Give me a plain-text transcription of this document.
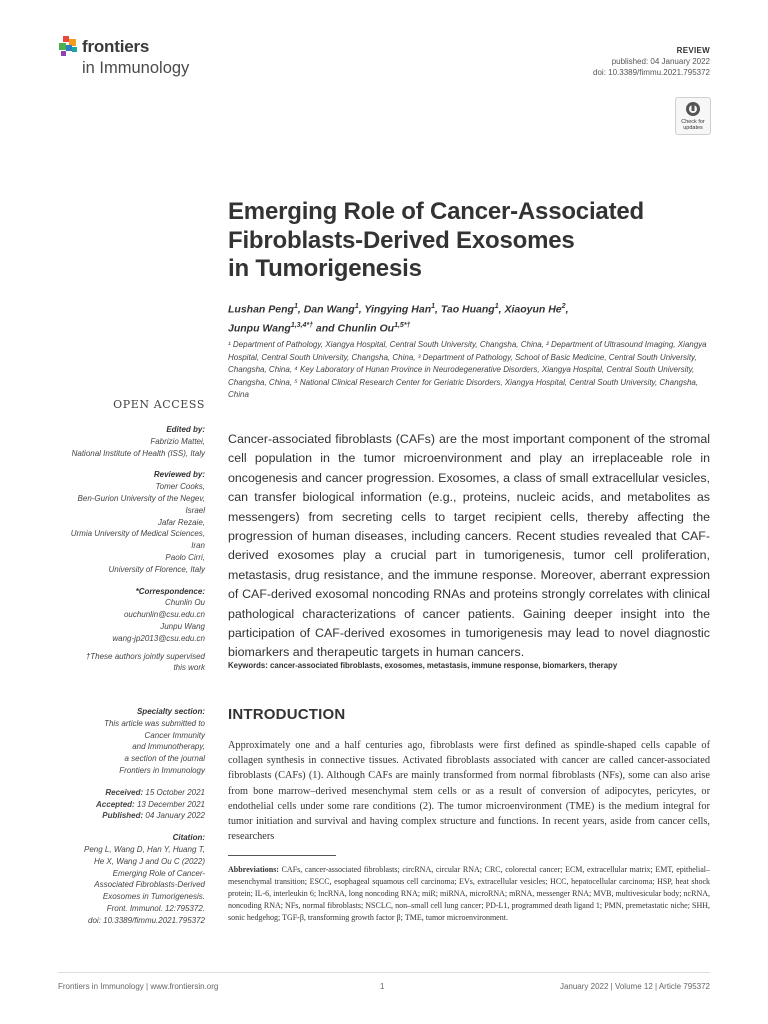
frontiers
in Immunology
REVIEW
published: 04 January 2022
doi: 10.3389/fimmu.2021.795372
Check for updates
Emerging Role of Cancer-Associated
Fibroblasts-Derived Exosomes
in Tumorigenesis
Lushan Peng$^1$, Dan Wang$^1$, Yingying Han$^1$, Tao Huang$^1$, Xiaoyun He$^2$,
Junpu Wang$^{1,3,4*\dagger}$ and Chunlin $Ou^{1,5*\dagger}$
¹ Department of Pathology, Xiangya Hospital, Central South University, Changsha, China, ² Department of Ultrasound Imaging, Xiangya Hospital, Central South University, Changsha, China, ³ Department of Pathology, School of Basic Medicine, Central South University, Changsha, China, ⁴ Key Laboratory of Hunan Province in Neurodegenerative Disorders, Xiangya Hospital, Central South University, Changsha, China, ⁵ National Clinical Research Center for Geriatric Disorders, Xiangya Hospital, Central South University, Changsha, China
OPEN ACCESS
Edited by:
Fabrizio Mattei,
National Institute of Health (ISS), Italy
Reviewed by:
Tomer Cooks,
Ben-Gurion University of the Negev,
Israel
Jafar Rezaie,
Urmia University of Medical Sciences,
Iran
Paolo Cirri,
University of Florence, Italy
*Correspondence:
Chunlin Ou
ouchunlin@csu.edu.cn
Junpu Wang
wang-jp2013@csu.edu.cn
†These authors jointly supervised
this work
Specialty section:
This article was submitted to
Cancer Immunity
and Immunotherapy,
a section of the journal
Frontiers in Immunology
Received: 15 October 2021
Accepted: 13 December 2021
Published: 04 January 2022
Citation:
Peng L, Wang D, Han Y, Huang T,
He X, Wang J and Ou C (2022)
Emerging Role of Cancer-
Associated Fibroblasts-Derived
Exosomes in Tumorigenesis.
Front. Immunol. 12:795372.
doi: 10.3389/fimmu.2021.795372
Cancer-associated fibroblasts (CAFs) are the most important component of the stromal cell population in the tumor microenvironment and play an irreplaceable role in oncogenesis and cancer progression. Exosomes, a class of small extracellular vesicles, can transfer biological information (e.g., proteins, nucleic acids, and metabolites as messengers) from secreting cells to target recipient cells, thereby affecting the progression of human diseases, including cancers. Recent studies revealed that CAF-derived exosomes play a crucial part in tumorigenesis, tumor cell proliferation, metastasis, drug resistance, and the immune response. Moreover, aberrant expression of CAF-derived exosomal noncoding RNAs and proteins strongly correlates with clinical pathological characterizations of cancer patients. Gaining deeper insight into the participation of CAF-derived exosomes in tumorigenesis may lead to novel diagnostic biomarkers and therapeutic targets in human cancers.
Keywords: cancer-associated fibroblasts, exosomes, metastasis, immune response, biomarkers, therapy
INTRODUCTION
Approximately one and a half centuries ago, fibroblasts were first defined as spindle-shaped cells capable of collagen synthesis in connective tissues. Activated fibroblasts associated with cancer are called cancer-associated fibroblasts (CAFs) (1). Although CAFs are mainly transformed from normal fibroblasts (NFs), some can also arise from bone marrow–derived mesenchymal stem cells or as a result of conversion of adipocytes, pericytes, or endothelial cells under some rare conditions (2). The tumor microenvironment (TME) is the medium integral for tumor initiation and survival and having complex structure and functions. In recent years, aside from cancer cells, researchers
Abbreviations: CAFs, cancer-associated fibroblasts; circRNA, circular RNA; CRC, colorectal cancer; ECM, extracellular matrix; EMT, epithelial–mesenchymal transition; ESCC, esophageal squamous cell carcinoma; EVs, extracellular vesicles; HCC, hepatocellular carcinoma; HSP, heat shock protein; IL-6, interleukin 6; lncRNA, long noncoding RNA; miR; miRNA, microRNA; mRNA, messenger RNA; MVB, multivesicular body; ncRNA, noncoding RNA; NFs, normal fibroblasts; NSCLC, non–small cell lung cancer; PD-L1, programmed death ligand 1; PMN, premetastatic niche; SHH, sonic hedgehog; TGF-β, transforming growth factor β; TME, tumor microenvironment.
Frontiers in Immunology | www.frontiersin.org	1	January 2022 | Volume 12 | Article 795372
